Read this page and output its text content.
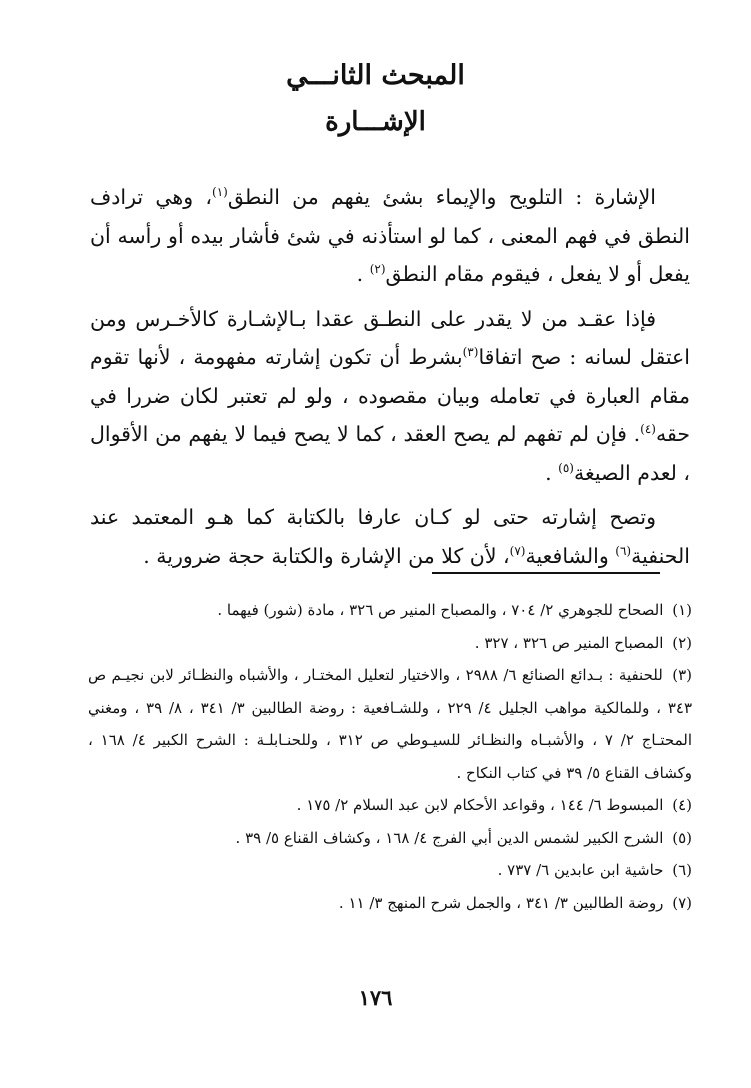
المبحث الثانـــي
الإشـــارة

الإشارة : التلويح والإيماء بشئ يفهم من النطق$^{(١)}$، وهي ترادف النطق في فهم المعنى ، كما لو استأذنه في شئ فأشار بيده أو رأسه أن يفعل أو لا يفعل ، فيقوم مقام النطق$^{(٢)}$ .

فإذا عقـد من لا يقدر على النطـق عقدا بـالإشـارة كالأخـرس ومن اعتقل لسانه : صح اتفاقا$^{(٣)}$بشرط أن تكون إشارته مفهومة ، لأنها تقوم مقام العبارة في تعامله وبيان مقصوده ، ولو لم تعتبر لكان ضررا في حقه$^{(٤)}$. فإن لم تفهم لم يصح العقد ، كما لا يصح فيما لا يفهم من الأقوال ، لعدم الصيغة$^{(٥)}$ .

وتصح إشارته حتى لو كـان عارفا بالكتابة كما هـو المعتمد عند الحنفية$^{(٦)}$ والشافعية$^{(٧)}$، لأن كلا من الإشارة والكتابة حجة ضرورية .

(١) الصحاح للجوهري ٢/ ٧٠٤ ، والمصباح المنير ص ٣٢٦ ، مادة (شور) فيهما .

(٢) المصباح المنير ص ٣٢٦ ، ٣٢٧ .

(٣) للحنفية : بـدائع الصنائع ٦/ ٢٩٨٨ ، والاختيار لتعليل المختـار ، والأشباه والنظـائر لابن نجيـم ص ٣٤٣ ، وللمالكية مواهب الجليل ٤/ ٢٢٩ ، وللشـافعية : روضة الطالبين ٣/ ٣٤١ ، ٨/ ٣٩ ، ومغني المحتـاج ٢/ ٧ ، والأشبـاه والنظـائر للسيـوطي ص ٣١٢ ، وللحنـابلـة : الشرح الكبير ٤/ ١٦٨ ، وكشاف القناع ٥/ ٣٩ في كتاب النكاح .

(٤) المبسوط ٦/ ١٤٤ ، وقواعد الأحكام لابن عبد السلام ٢/ ١٧٥ .

(٥) الشرح الكبير لشمس الدين أبي الفرج ٤/ ١٦٨ ، وكشاف القناع ٥/ ٣٩ .

(٦) حاشية ابن عابدين ٦/ ٧٣٧ .

(٧) روضة الطالبين ٣/ ٣٤١ ، والجمل شرح المنهج ٣/ ١١ .

١٧٦
